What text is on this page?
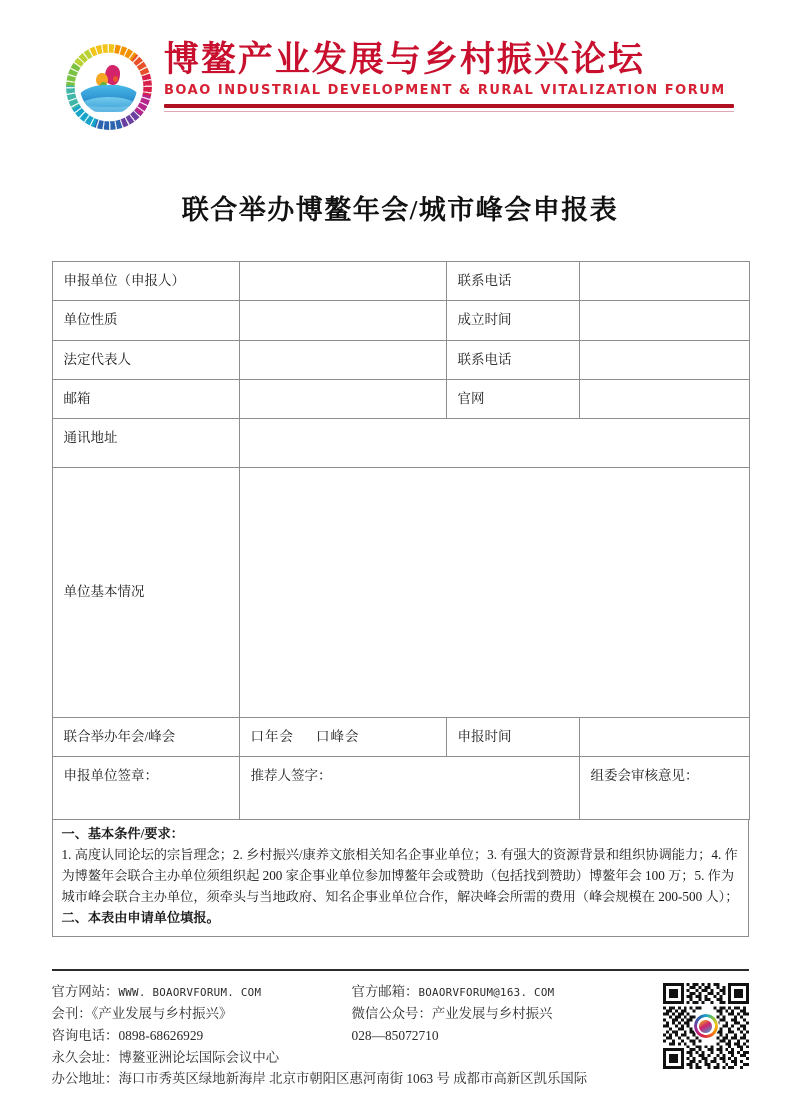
博鳌产业发展与乡村振兴论坛
BOAO INDUSTRIAL DEVELOPMENT & RURAL VITALIZATION FORUM
联合举办博鳌年会/城市峰会申报表
申报单位（申报人）		联系电话	
单位性质		成立时间	
法定代表人		联系电话	
邮箱		官网	
通讯地址			
单位基本情况			
联合举办年会/峰会	口年会 口峰会	申报时间	
申报单位签章：	推荐人签字：		组委会审核意见：

一、基本条件/要求：

1. 高度认同论坛的宗旨理念；2. 乡村振兴/康养文旅相关知名企事业单位；3. 有强大的资源背景和组织协调能力；4. 作为博鳌年会联合主办单位须组织起 200 家企事业单位参加博鳌年会或赞助（包括找到赞助）博鳌年会 100 万；5. 作为城市峰会联合主办单位，须牵头与当地政府、知名企事业单位合作，解决峰会所需的费用（峰会规模在 200-500 人）；

二、本表由申请单位填报。

官方网站：WWW. BOAORVFORUM. COM	官方邮箱：BOAORVFORUM@163. COM
会刊：《产业发展与乡村振兴》	微信公众号：产业发展与乡村振兴
咨询电话：0898-68626929	028—85072710
永久会址：博鳌亚洲论坛国际会议中心
办公地址：海口市秀英区绿地新海岸 北京市朝阳区惠河南街 1063 号 成都市高新区凯乐国际
